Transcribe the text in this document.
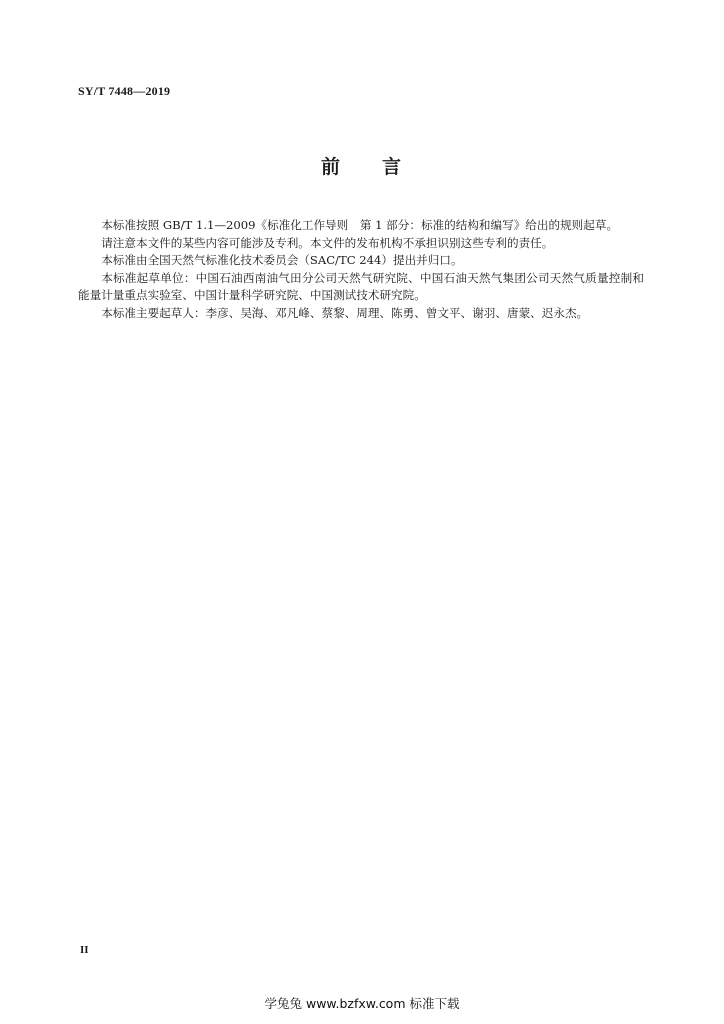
SY/T 7448—2019
前 言

本标准按照 GB/T 1.1—2009《标准化工作导则　第 1 部分：标准的结构和编写》给出的规则起草。

请注意本文件的某些内容可能涉及专利。本文件的发布机构不承担识别这些专利的责任。

本标准由全国天然气标准化技术委员会（SAC/TC 244）提出并归口。

本标准起草单位：中国石油西南油气田分公司天然气研究院、中国石油天然气集团公司天然气质量控制和能量计量重点实验室、中国计量科学研究院、中国测试技术研究院。

本标准主要起草人：李彦、吴海、邓凡峰、蔡黎、周理、陈勇、曾文平、谢羽、唐蒙、迟永杰。

II
学兔兔 www.bzfxw.com 标准下载
